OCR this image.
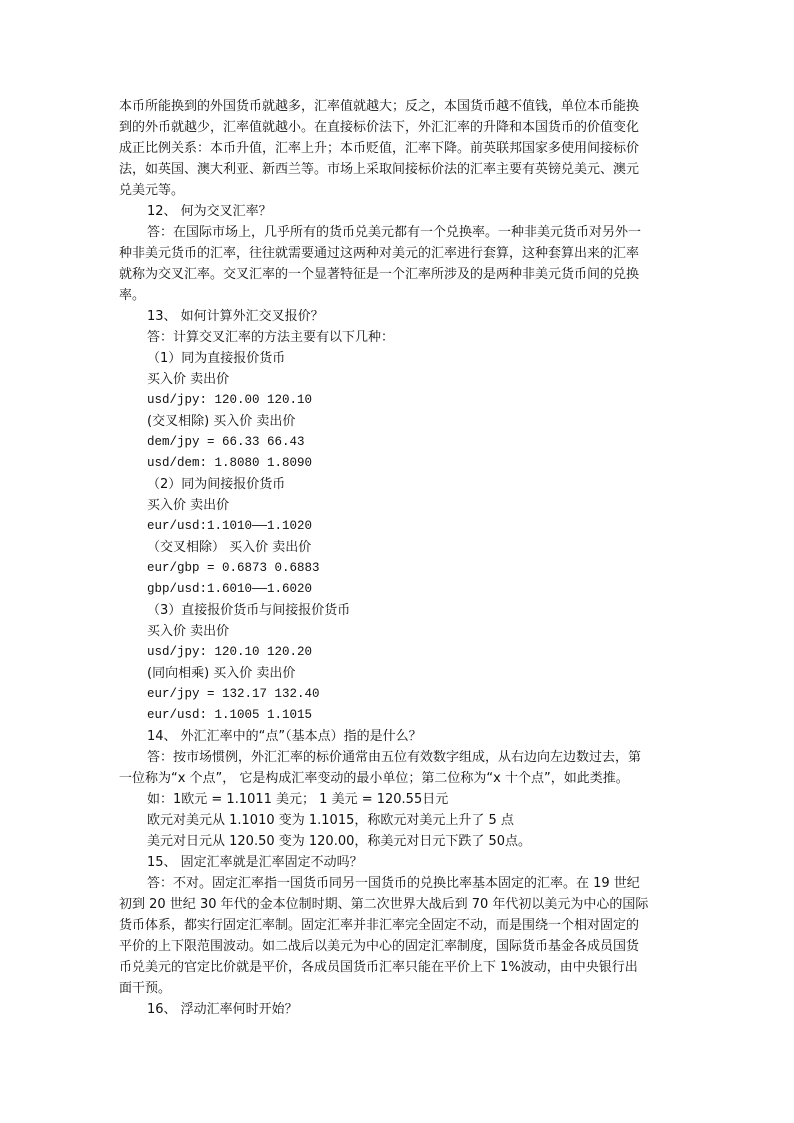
本币所能换到的外国货币就越多，汇率值就越大；反之，本国货币越不值钱，单位本币能换
到的外币就越少，汇率值就越小。在直接标价法下，外汇汇率的升降和本国货币的价值变化
成正比例关系：本币升值，汇率上升；本币贬值，汇率下降。前英联邦国家多使用间接标价
法，如英国、澳大利亚、新西兰等。市场上采取间接标价法的汇率主要有英镑兑美元、澳元
兑美元等。
12、 何为交叉汇率？
答：在国际市场上，几乎所有的货币兑美元都有一个兑换率。一种非美元货币对另外一
种非美元货币的汇率，往往就需要通过这两种对美元的汇率进行套算，这种套算出来的汇率
就称为交叉汇率。交叉汇率的一个显著特征是一个汇率所涉及的是两种非美元货币间的兑换
率。
13、 如何计算外汇交叉报价？
答：计算交叉汇率的方法主要有以下几种：
（1）同为直接报价货币
买入价 卖出价
usd/jpy: 120.00 120.10
(交叉相除) 买入价 卖出价
dem/jpy = 66.33 66.43
usd/dem: 1.8080 1.8090
（2）同为间接报价货币
买入价 卖出价
eur/usd:1.1010——1.1020
（交叉相除） 买入价 卖出价
eur/gbp = 0.6873 0.6883
gbp/usd:1.6010——1.6020
（3）直接报价货币与间接报价货币
买入价 卖出价
usd/jpy: 120.10 120.20
(同向相乘) 买入价 卖出价
eur/jpy = 132.17 132.40
eur/usd: 1.1005 1.1015
14、 外汇汇率中的“点”（基本点）指的是什么？
答：按市场惯例，外汇汇率的标价通常由五位有效数字组成，从右边向左边数过去，第
一位称为“x 个点”， 它是构成汇率变动的最小单位；第二位称为“x 十个点”，如此类推。
如：1欧元 = 1.1011 美元； 1 美元 = 120.55日元
欧元对美元从 1.1010 变为 1.1015，称欧元对美元上升了 5 点
美元对日元从 120.50 变为 120.00，称美元对日元下跌了 50点。
15、 固定汇率就是汇率固定不动吗？
答：不对。固定汇率指一国货币同另一国货币的兑换比率基本固定的汇率。在 19 世纪
初到 20 世纪 30 年代的金本位制时期、第二次世界大战后到 70 年代初以美元为中心的国际
货币体系，都实行固定汇率制。固定汇率并非汇率完全固定不动，而是围绕一个相对固定的
平价的上下限范围波动。如二战后以美元为中心的固定汇率制度，国际货币基金各成员国货
币兑美元的官定比价就是平价，各成员国货币汇率只能在平价上下 1%波动，由中央银行出
面干预。
16、 浮动汇率何时开始？
